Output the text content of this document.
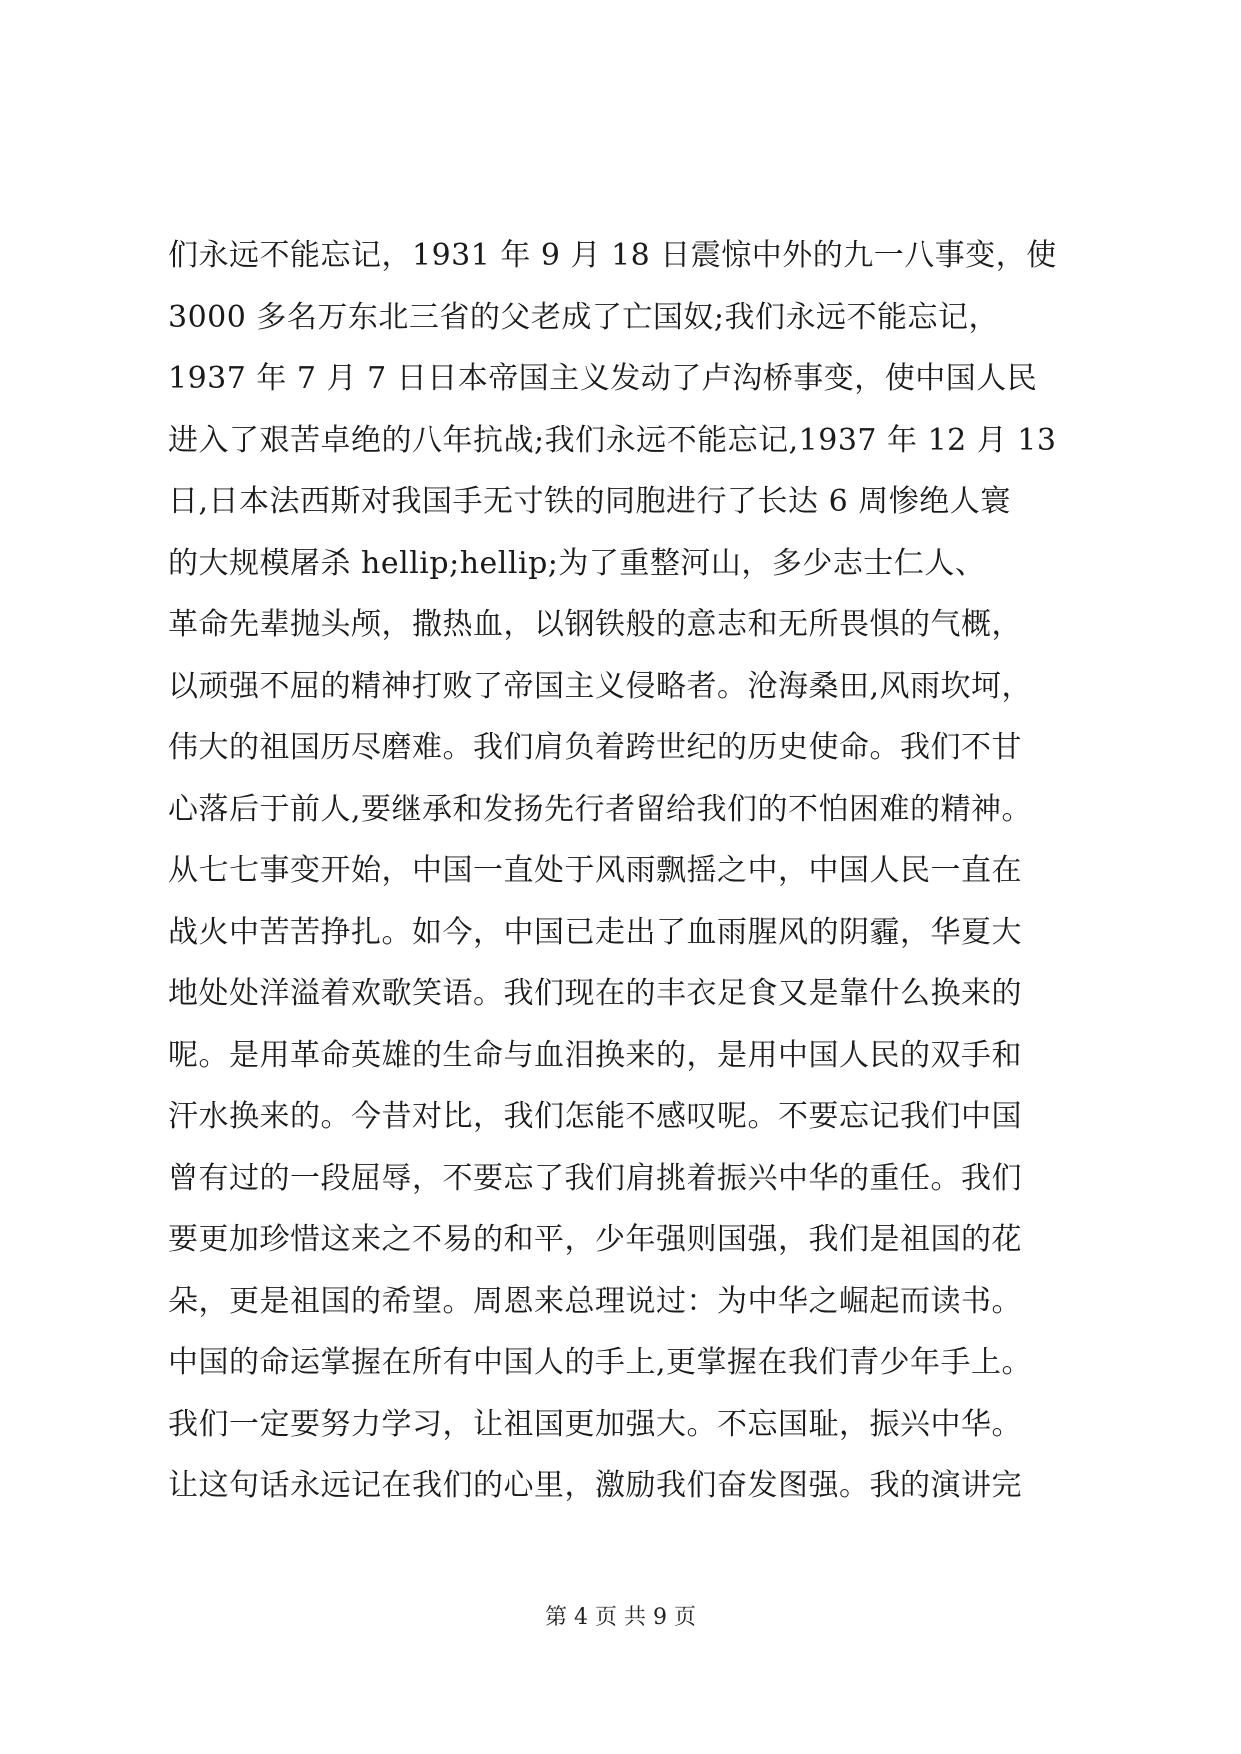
们永远不能忘记，1931 年 9 月 18 日震惊中外的九一八事变，使
3000 多名万东北三省的父老成了亡国奴;我们永远不能忘记，
1937 年 7 月 7 日日本帝国主义发动了卢沟桥事变，使中国人民
进入了艰苦卓绝的八年抗战;我们永远不能忘记,1937 年 12 月 13
日,日本法西斯对我国手无寸铁的同胞进行了长达 6 周惨绝人寰
的大规模屠杀 hellip;hellip;为了重整河山，多少志士仁人、
革命先辈抛头颅，撒热血，以钢铁般的意志和无所畏惧的气概，
以顽强不屈的精神打败了帝国主义侵略者。沧海桑田,风雨坎坷，
伟大的祖国历尽磨难。我们肩负着跨世纪的历史使命。我们不甘
心落后于前人,要继承和发扬先行者留给我们的不怕困难的精神。
从七七事变开始，中国一直处于风雨飘摇之中，中国人民一直在
战火中苦苦挣扎。如今，中国已走出了血雨腥风的阴霾，华夏大
地处处洋溢着欢歌笑语。我们现在的丰衣足食又是靠什么换来的
呢。是用革命英雄的生命与血泪换来的，是用中国人民的双手和
汗水换来的。今昔对比，我们怎能不感叹呢。不要忘记我们中国
曾有过的一段屈辱，不要忘了我们肩挑着振兴中华的重任。我们
要更加珍惜这来之不易的和平，少年强则国强，我们是祖国的花
朵，更是祖国的希望。周恩来总理说过：为中华之崛起而读书。
中国的命运掌握在所有中国人的手上,更掌握在我们青少年手上。
我们一定要努力学习，让祖国更加强大。不忘国耻，振兴中华。
让这句话永远记在我们的心里，激励我们奋发图强。我的演讲完
第 4 页 共 9 页
